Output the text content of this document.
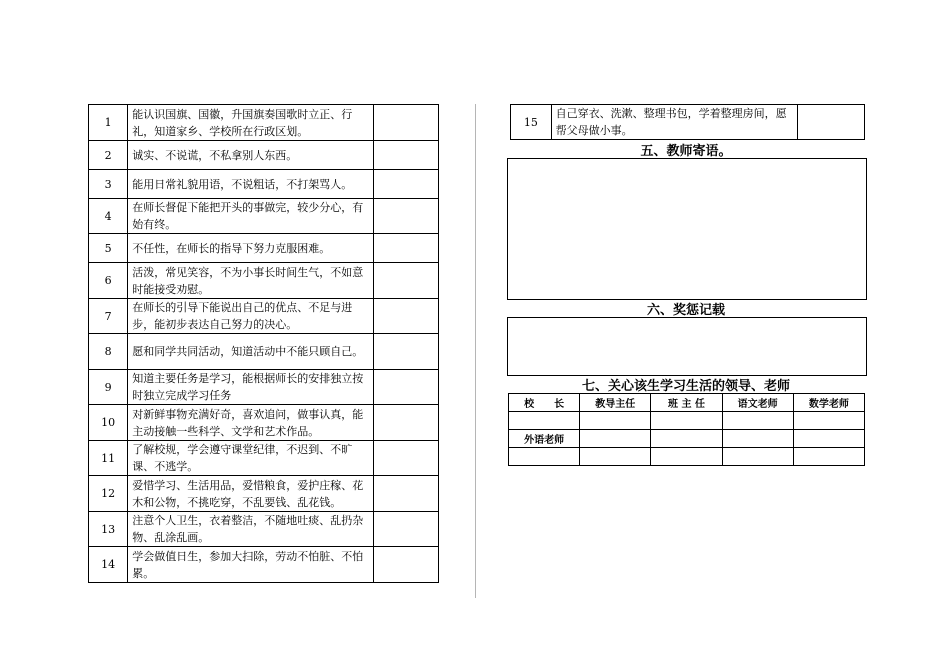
1	能认识国旗、国徽，升国旗奏国歌时立正、行礼，知道家乡、学校所在行政区划。	
2	诚实、不说谎，不私拿别人东西。	
3	能用日常礼貌用语，不说粗话，不打架骂人。	
4	在师长督促下能把开头的事做完，较少分心，有始有终。	
5	不任性，在师长的指导下努力克服困难。	
6	活泼，常见笑容，不为小事长时间生气，不如意时能接受劝慰。	
7	在师长的引导下能说出自己的优点、不足与进步，能初步表达自己努力的决心。	
8	愿和同学共同活动，知道活动中不能只顾自己。	
9	知道主要任务是学习，能根据师长的安排独立按时独立完成学习任务	
10	对新鲜事物充满好奇，喜欢追问，做事认真，能主动接触一些科学、文学和艺术作品。	
11	了解校规，学会遵守课堂纪律，不迟到、不旷课、不逃学。	
12	爱惜学习、生活用品，爱惜粮食，爱护庄稼、花木和公物，不挑吃穿，不乱要钱、乱花钱。	
13	注意个人卫生，衣着整洁，不随地吐痰、乱扔杂物、乱涂乱画。	
14	学会做值日生，参加大扫除，劳动不怕脏、不怕累。	
15	自己穿衣、洗漱、整理书包，学着整理房间，愿帮父母做小事。	
五、教师寄语。
六、奖惩记载
七、关心该生学习生活的领导、老师
校　　长	教导主任	班 主 任	语文老师	数学老师

外语老师				
